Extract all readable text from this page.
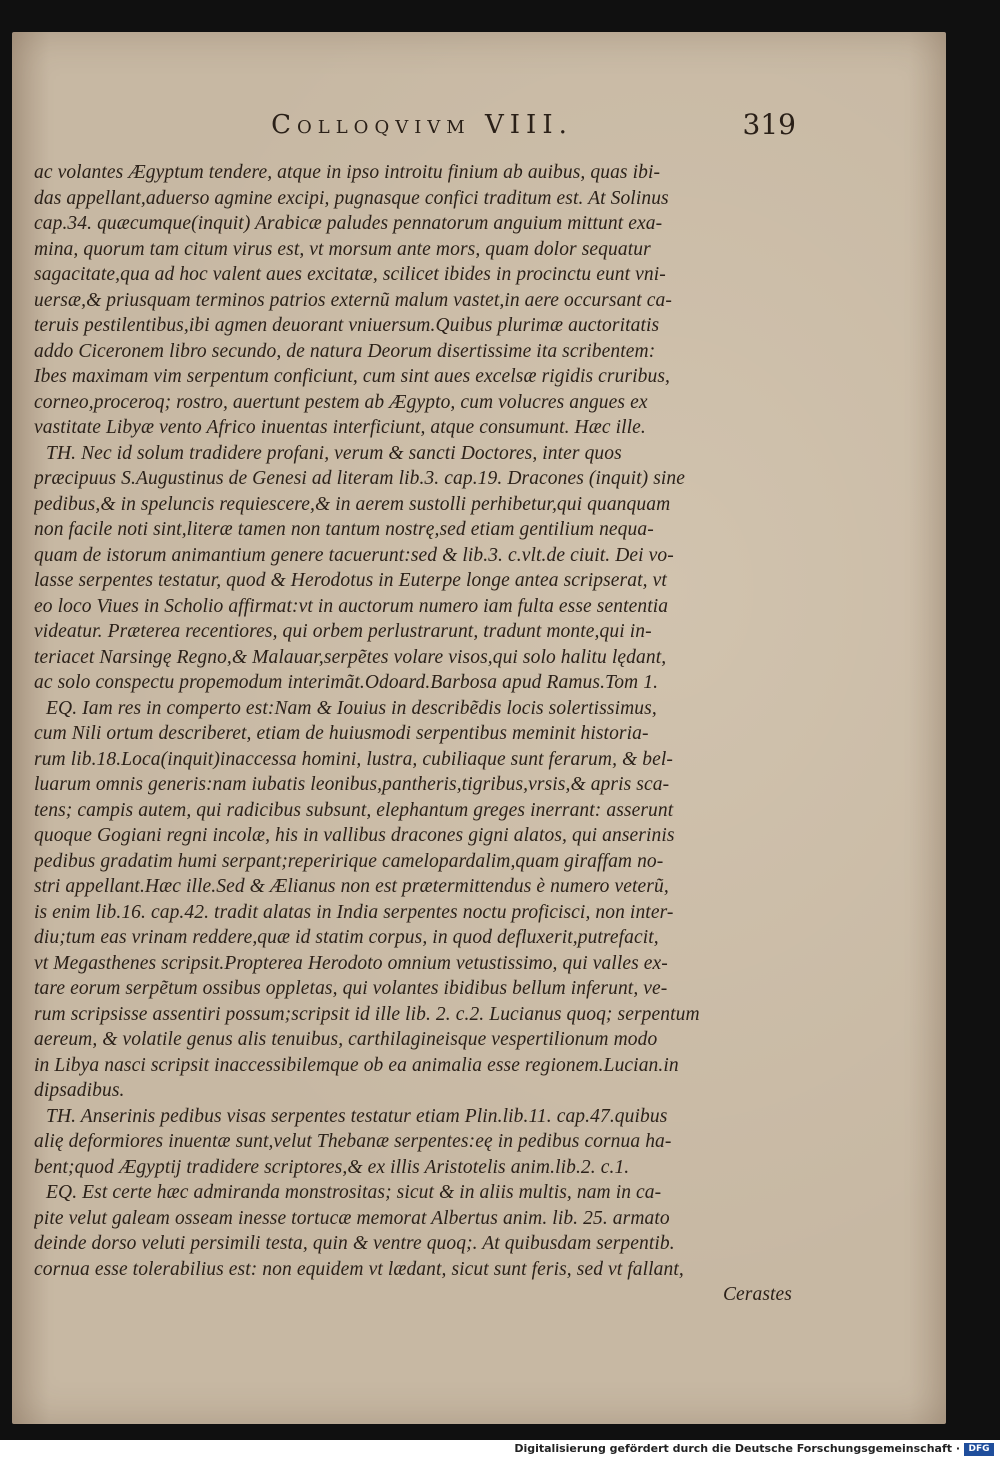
Colloqvivm VIII.	319
ac volantes Ægyptum tendere, atque in ipso introitu finium ab auibus, quas ibi-
das appellant,aduerso agmine excipi, pugnasque confici traditum est. At Solinus
cap.34. quæcumque(inquit) Arabicæ paludes pennatorum anguium mittunt exa-
mina, quorum tam citum virus est, vt morsum ante mors, quam dolor sequatur
sagacitate,qua ad hoc valent aues excitatæ, scilicet ibides in procinctu eunt vni-
uersæ,& priusquam terminos patrios externũ malum vastet,in aere occursant ca-
teruis pestilentibus,ibi agmen deuorant vniuersum.Quibus plurimæ auctoritatis
addo Ciceronem libro secundo, de natura Deorum disertissime ita scribentem:
Ibes maximam vim serpentum conficiunt, cum sint aues excelsæ rigidis cruribus,
corneo,proceroq; rostro, auertunt pestem ab Ægypto, cum volucres angues ex
vastitate Libyæ vento Africo inuentas interficiunt, atque consumunt. Hæc ille.
TH. Nec id solum tradidere profani, verum & sancti Doctores, inter quos
præcipuus S.Augustinus de Genesi ad literam lib.3. cap.19. Dracones (inquit) sine
pedibus,& in speluncis requiescere,& in aerem sustolli perhibetur,qui quanquam
non facile noti sint,literæ tamen non tantum nostrę,sed etiam gentilium nequa-
quam de istorum animantium genere tacuerunt:sed & lib.3. c.vlt.de ciuit. Dei vo-
lasse serpentes testatur, quod & Herodotus in Euterpe longe antea scripserat, vt
eo loco Viues in Scholio affirmat:vt in auctorum numero iam fulta esse sententia
videatur. Præterea recentiores, qui orbem perlustrarunt, tradunt monte,qui in-
teriacet Narsingę Regno,& Malauar,serpẽtes volare visos,qui solo halitu lędant,
ac solo conspectu propemodum interimãt.Odoard.Barbosa apud Ramus.Tom 1.
EQ. Iam res in comperto est:Nam & Iouius in describẽdis locis solertissimus,
cum Nili ortum describeret, etiam de huiusmodi serpentibus meminit historia-
rum lib.18.Loca(inquit)inaccessa homini, lustra, cubiliaque sunt ferarum, & bel-
luarum omnis generis:nam iubatis leonibus,pantheris,tigribus,vrsis,& apris sca-
tens; campis autem, qui radicibus subsunt, elephantum greges inerrant: asserunt
quoque Gogiani regni incolæ, his in vallibus dracones gigni alatos, qui anserinis
pedibus gradatim humi serpant;reperirique camelopardalim,quam giraffam no-
stri appellant.Hæc ille.Sed & Ælianus non est prætermittendus è numero veterũ,
is enim lib.16. cap.42. tradit alatas in India serpentes noctu proficisci, non inter-
diu;tum eas vrinam reddere,quæ id statim corpus, in quod defluxerit,putrefacit,
vt Megasthenes scripsit.Propterea Herodoto omnium vetustissimo, qui valles ex-
tare eorum serpẽtum ossibus oppletas, qui volantes ibidibus bellum inferunt, ve-
rum scripsisse assentiri possum;scripsit id ille lib. 2. c.2. Lucianus quoq; serpentum
aereum, & volatile genus alis tenuibus, carthilagineisque vespertilionum modo
in Libya nasci scripsit inaccessibilemque ob ea animalia esse regionem.Lucian.in
dipsadibus.
TH. Anserinis pedibus visas serpentes testatur etiam Plin.lib.11. cap.47.quibus
alię deformiores inuentæ sunt,velut Thebanæ serpentes:eę in pedibus cornua ha-
bent;quod Ægyptij tradidere scriptores,& ex illis Aristotelis anim.lib.2. c.1.
EQ. Est certe hæc admiranda monstrositas; sicut & in aliis multis, nam in ca-
pite velut galeam osseam inesse tortucæ memorat Albertus anim. lib. 25. armato
deinde dorso veluti persimili testa, quin & ventre quoq;. At quibusdam serpentib.
cornua esse tolerabilius est: non equidem vt lædant, sicut sunt feris, sed vt fallant,
Cerastes
Digitalisierung gefördert durch die Deutsche Forschungsgemeinschaft · DFG
